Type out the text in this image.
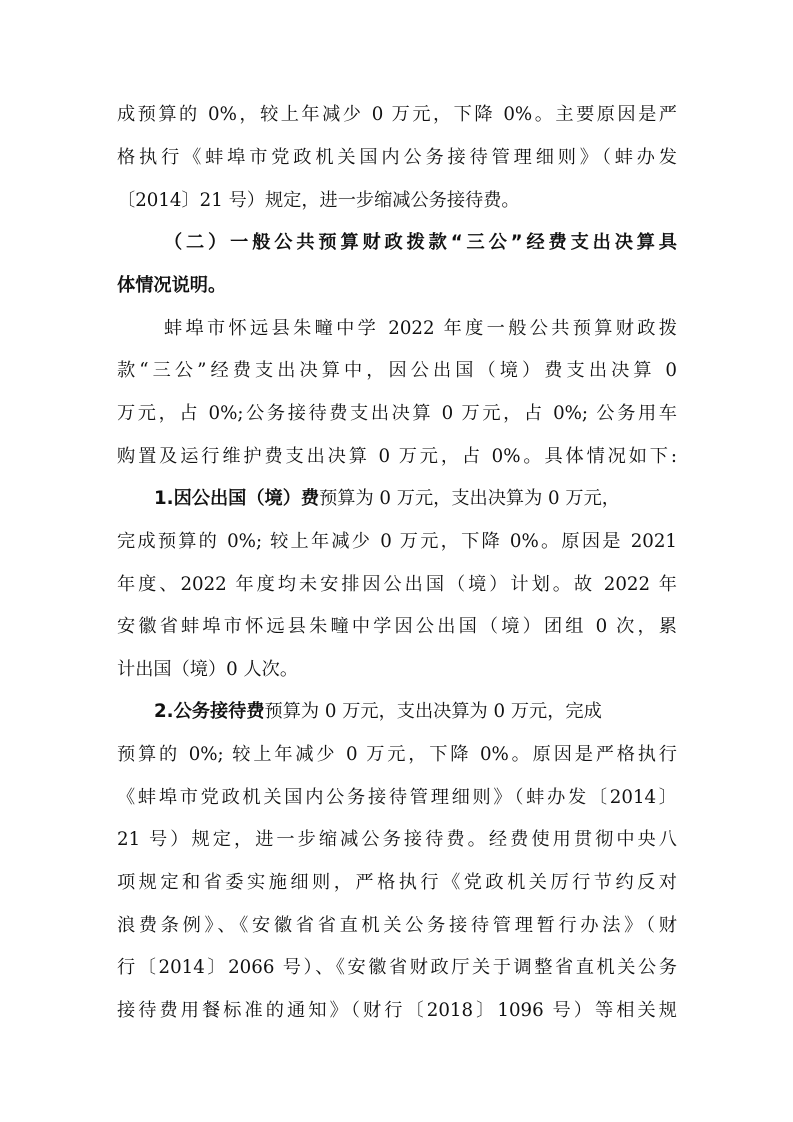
成预算的 0%，较上年减少 0 万元，下降 0%。主要原因是严
格执行《蚌埠市党政机关国内公务接待管理细则》（蚌办发
〔2014〕21 号）规定，进一步缩减公务接待费。
（二）一般公共预算财政拨款“三公”经费支出决算具
体情况说明。
蚌埠市怀远县朱疃中学 2022 年度一般公共预算财政拨
款“三公”经费支出决算中，因公出国（境）费支出决算 0
万元，占 0%;公务接待费支出决算 0 万元，占 0%; 公务用车
购置及运行维护费支出决算 0 万元，占 0%。具体情况如下:
1.因公出国（境）费预算为 0 万元，支出决算为 0 万元，
完成预算的 0%; 较上年减少 0 万元，下降 0%。原因是 2021
年度、2022 年度均未安排因公出国（境）计划。故 2022 年
安徽省蚌埠市怀远县朱疃中学因公出国（境）团组 0 次，累
计出国（境）0 人次。
2.公务接待费预算为 0 万元，支出决算为 0 万元，完成
预算的 0%; 较上年减少 0 万元，下降 0%。原因是严格执行
《蚌埠市党政机关国内公务接待管理细则》（蚌办发〔2014〕
21 号）规定，进一步缩减公务接待费。经费使用贯彻中央八
项规定和省委实施细则，严格执行《党政机关厉行节约反对
浪费条例》、《安徽省省直机关公务接待管理暂行办法》（财
行〔2014〕2066 号）、《安徽省财政厅关于调整省直机关公务
接待费用餐标准的通知》（财行〔2018〕1096 号）等相关规
